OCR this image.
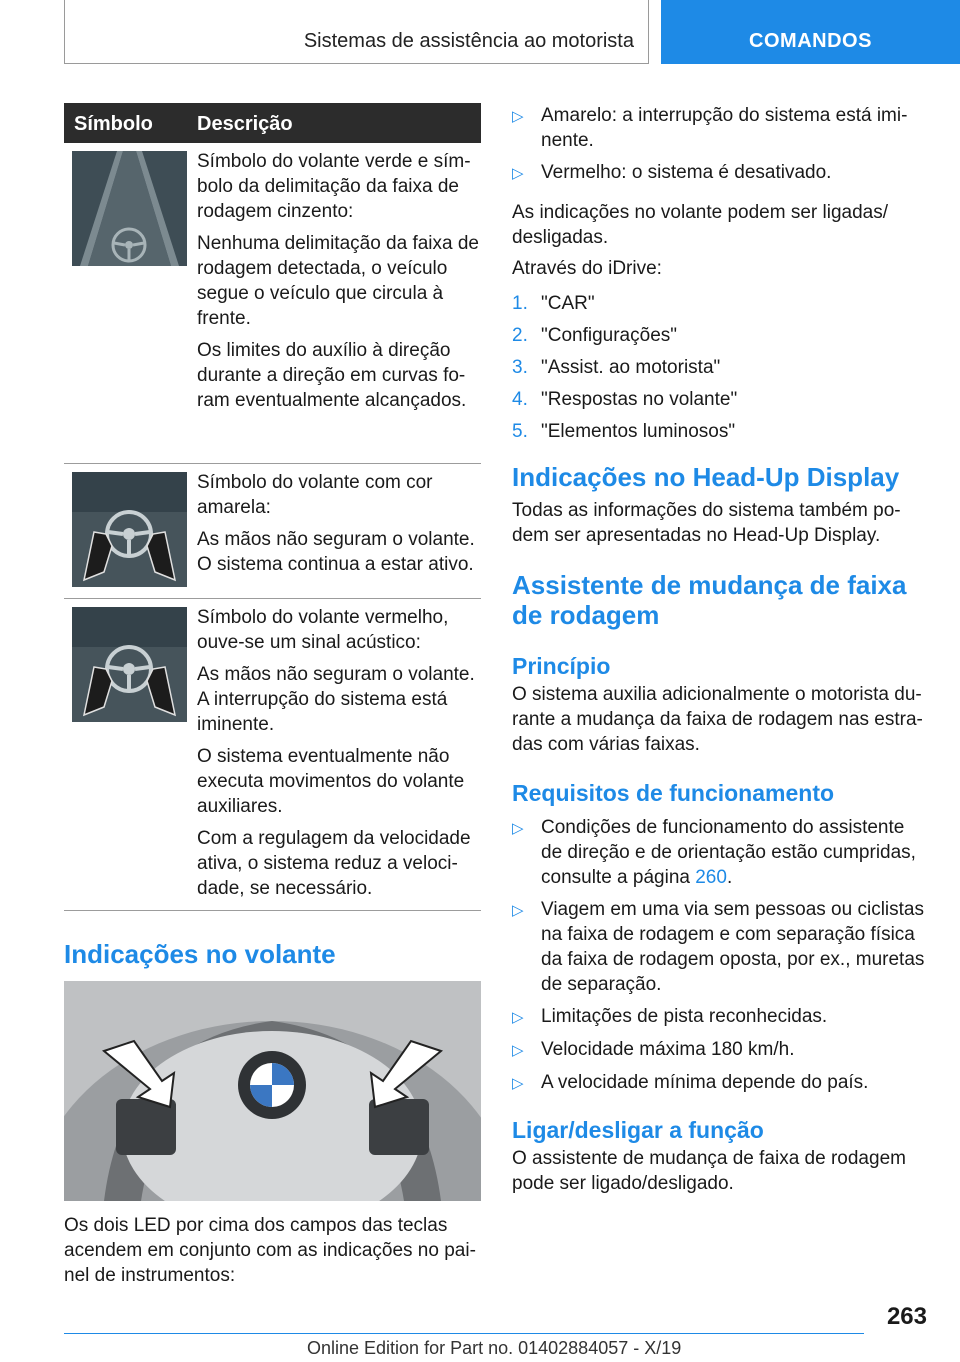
Sistemas de assistência ao motorista	COMANDOS
Símbolo Descrição

Símbolo do volante verde e sím-bolo da delimitação da faixa de rodagem cinzento:

Nenhuma delimitação da faixa de rodagem detectada, o veículo segue o veículo que circula à frente.

Os limites do auxílio à direção durante a direção em curvas fo-ram eventualmente alcançados.

Símbolo do volante com cor amarela:

As mãos não seguram o volante. O sistema continua a estar ativo.

Símbolo do volante vermelho, ouve-se um sinal acústico:

As mãos não seguram o volante. A interrupção do sistema está iminente.

O sistema eventualmente não executa movimentos do volante auxiliares.

Com a regulagem da velocidade ativa, o sistema reduz a veloci-dade, se necessário.

Indicações no volante

Os dois LED por cima dos campos das teclas acendem em conjunto com as indicações no pai-nel de instrumentos:

▷ Amarelo: a interrupção do sistema está imi-nente.
▷ Vermelho: o sistema é desativado.

As indicações no volante podem ser ligadas/ desligadas.

Através do iDrive:

1. "CAR"
2. "Configurações"
3. "Assist. ao motorista"
4. "Respostas no volante"
5. "Elementos luminosos"
Indicações no Head-Up Display

Todas as informações do sistema também po-dem ser apresentadas no Head-Up Display.

Assistente de mudança de faixa de rodagem
Princípio

O sistema auxilia adicionalmente o motorista du-rante a mudança da faixa de rodagem nas estra-das com várias faixas.

Requisitos de funcionamento
▷ Condições de funcionamento do assistente de direção e de orientação estão cumpridas, consulte a página 260.
▷ Viagem em uma via sem pessoas ou ciclistas na faixa de rodagem e com separação física da faixa de rodagem oposta, por ex., muretas de separação.
▷ Limitações de pista reconhecidas.
▷ Velocidade máxima 180 km/h.
▷ A velocidade mínima depende do país.
Ligar/desligar a função

O assistente de mudança de faixa de rodagem pode ser ligado/desligado.

263
Online Edition for Part no. 01402884057 - X/19
